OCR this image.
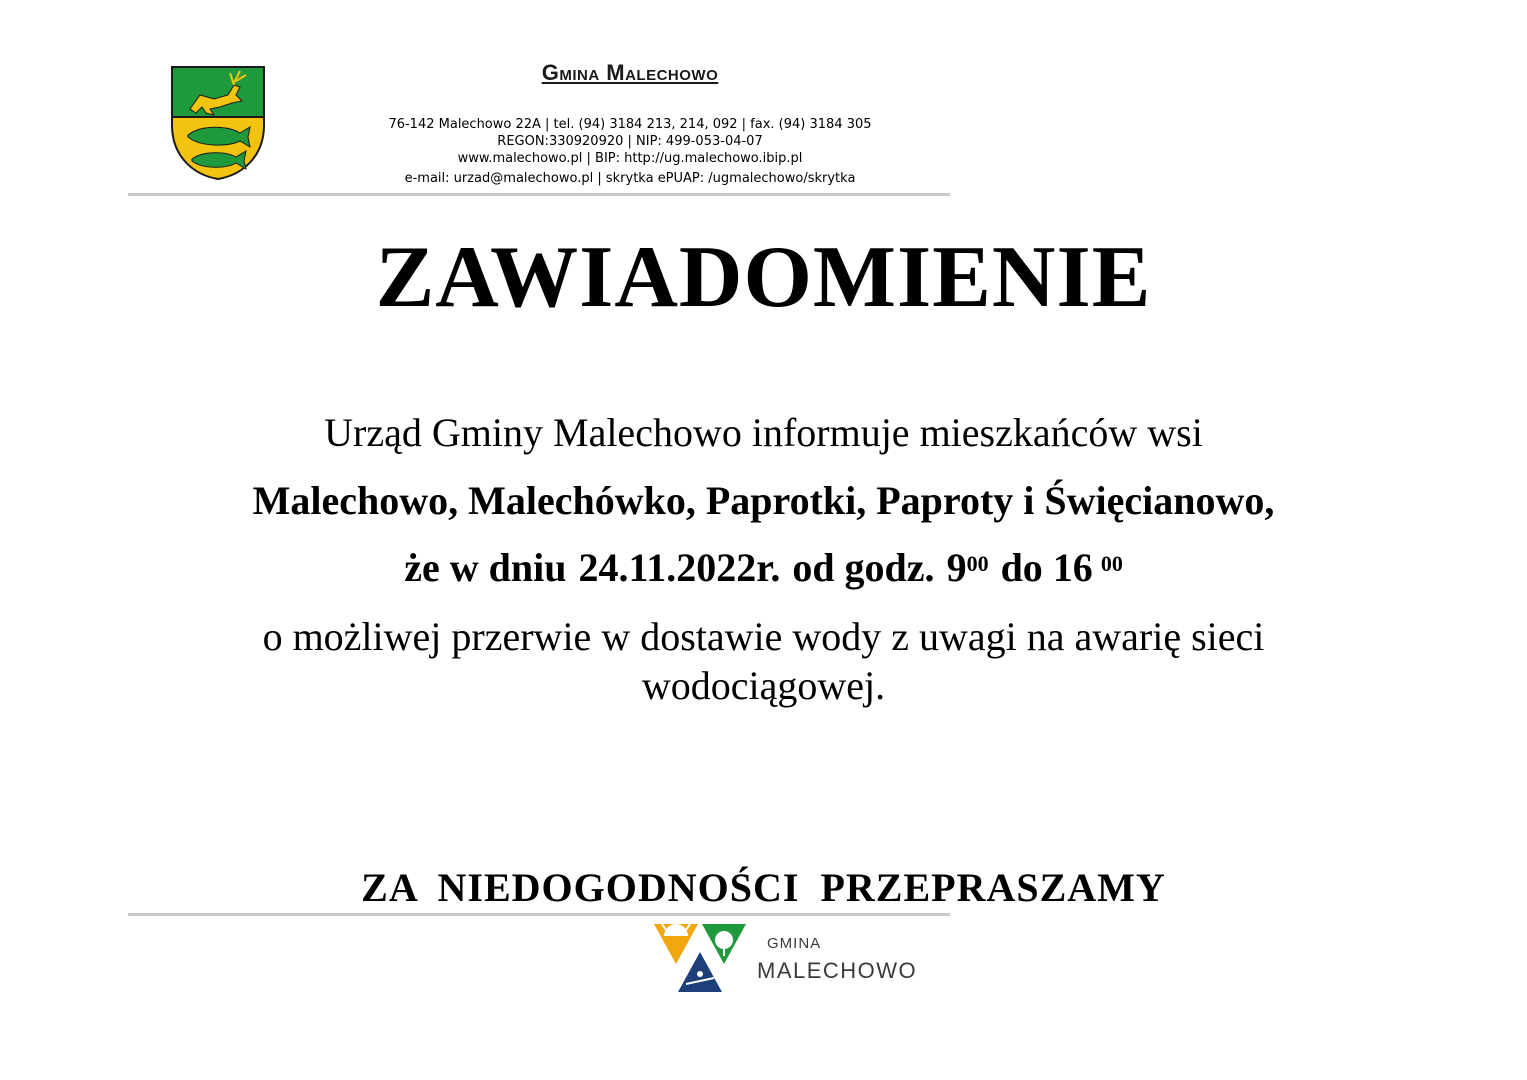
Gmina Malechowo
76-142 Malechowo 22A | tel. (94) 3184 213, 214, 092 | fax. (94) 3184 305
REGON:330920920 | NIP: 499-053-04-07
www.malechowo.pl | BIP: http://ug.malechowo.ibip.pl
e-mail: urzad@malechowo.pl | skrytka ePUAP: /ugmalechowo/skrytka
ZAWIADOMIENIE
Urząd Gminy Malechowo informuje mieszkańców wsi
Malechowo, Malechówko, Paprotki, Paproty i Święcianowo,
że w dniu 24.11.2022r. od godz. $9^{00}$ do 16 $^{00}$
o możliwej przerwie w dostawie wody z uwagi na awarię sieci
wodociągowej.
ZA NIEDOGODNOŚCI PRZEPRASZAMY
GMINA
MALECHOWO
